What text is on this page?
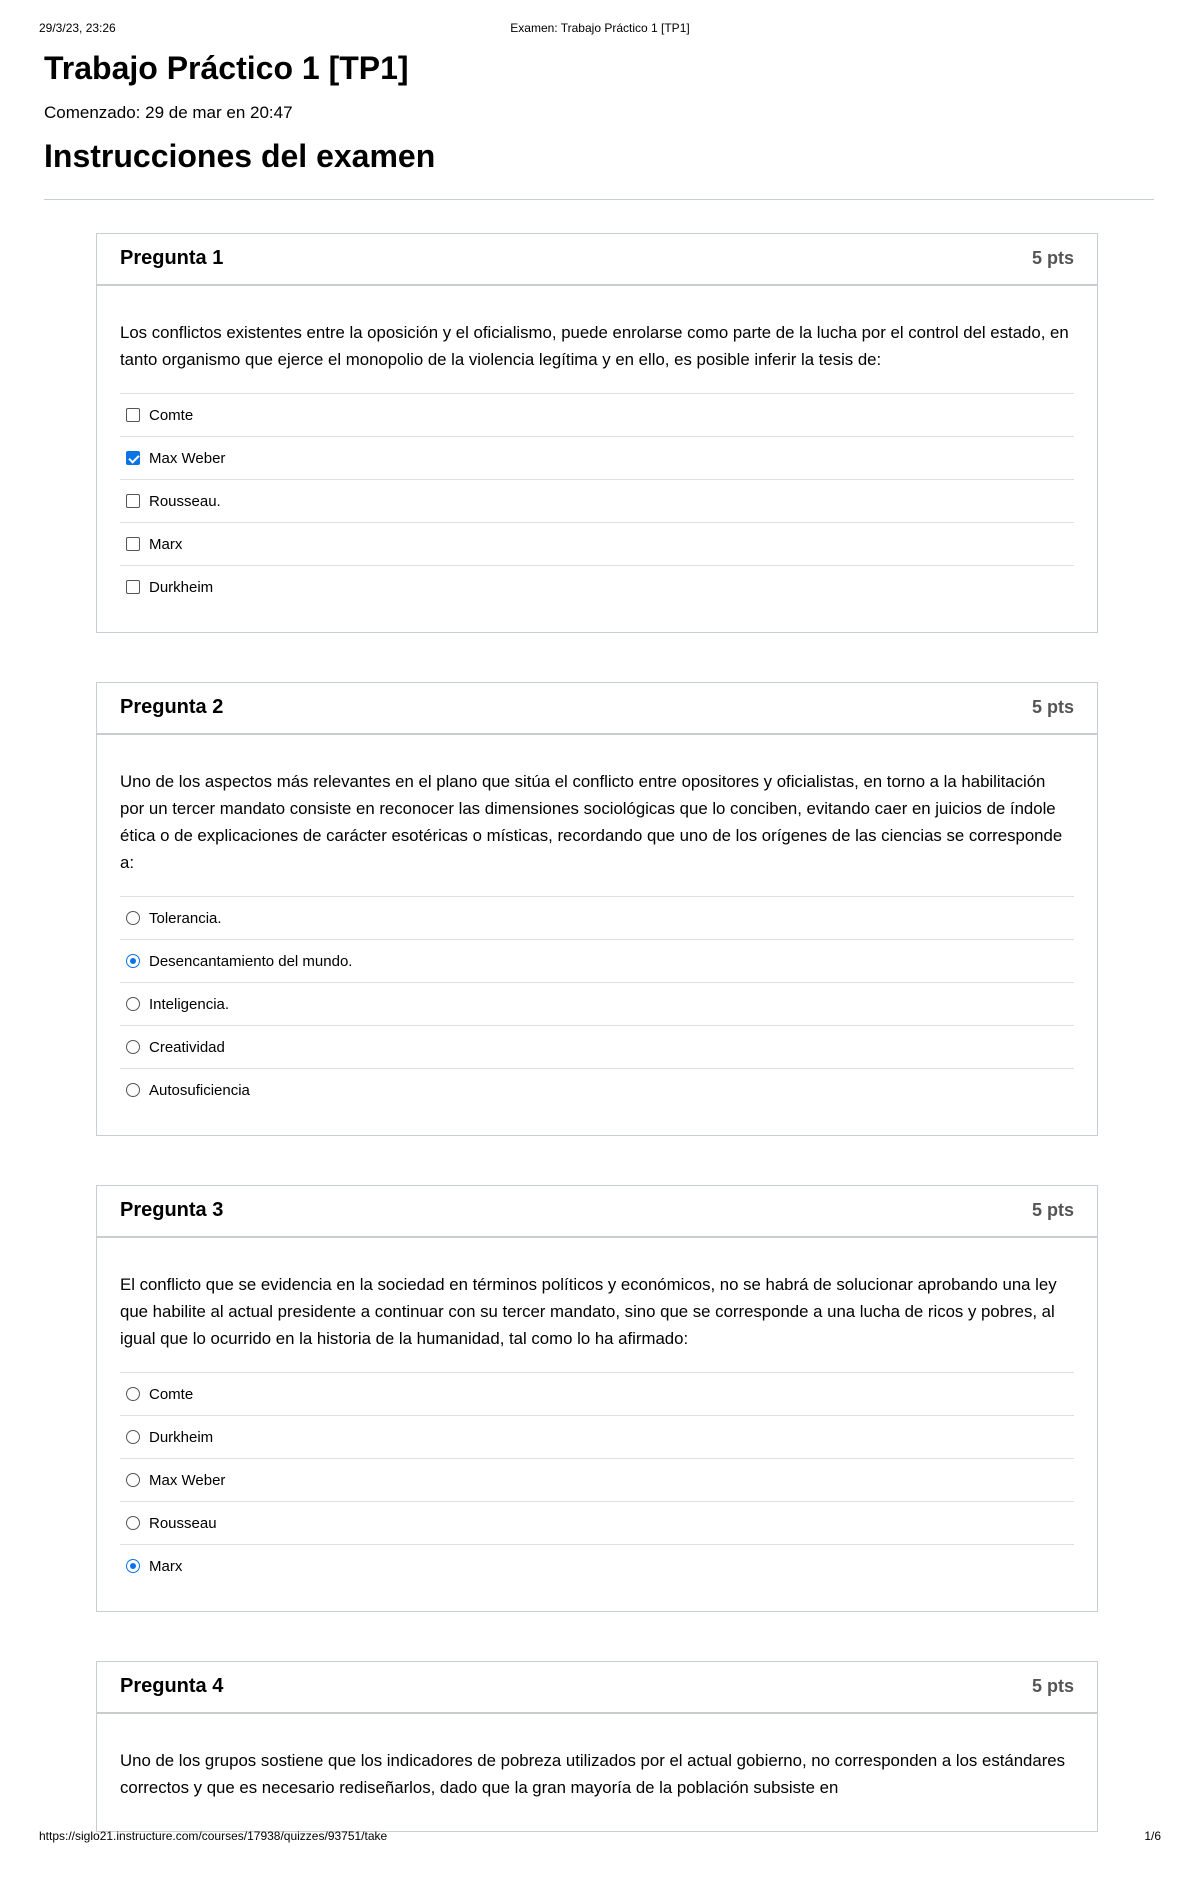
29/3/23, 23:26	Examen: Trabajo Práctico 1 [TP1]
Trabajo Práctico 1 [TP1]
Comenzado: 29 de mar en 20:47
Instrucciones del examen
Pregunta 1	5 pts

Los conflictos existentes entre la oposición y el oficialismo, puede enrolarse como parte de la lucha por el control del estado, en tanto organismo que ejerce el monopolio de la violencia legítima y en ello, es posible inferir la tesis de:

Comte
Max Weber
Rousseau.
Marx
Durkheim
Pregunta 2	5 pts

Uno de los aspectos más relevantes en el plano que sitúa el conflicto entre opositores y oficialistas, en torno a la habilitación por un tercer mandato consiste en reconocer las dimensiones sociológicas que lo conciben, evitando caer en juicios de índole ética o de explicaciones de carácter esotéricas o místicas, recordando que uno de los orígenes de las ciencias se corresponde a:

Tolerancia.
Desencantamiento del mundo.
Inteligencia.
Creatividad
Autosuficiencia
Pregunta 3	5 pts

El conflicto que se evidencia en la sociedad en términos políticos y económicos, no se habrá de solucionar aprobando una ley que habilite al actual presidente a continuar con su tercer mandato, sino que se corresponde a una lucha de ricos y pobres, al igual que lo ocurrido en la historia de la humanidad, tal como lo ha afirmado:

Comte
Durkheim
Max Weber
Rousseau
Marx
Pregunta 4	5 pts

Uno de los grupos sostiene que los indicadores de pobreza utilizados por el actual gobierno, no corresponden a los estándares correctos y que es necesario rediseñarlos, dado que la gran mayoría de la población subsiste en

https://siglo21.instructure.com/courses/17938/quizzes/93751/take	1/6
